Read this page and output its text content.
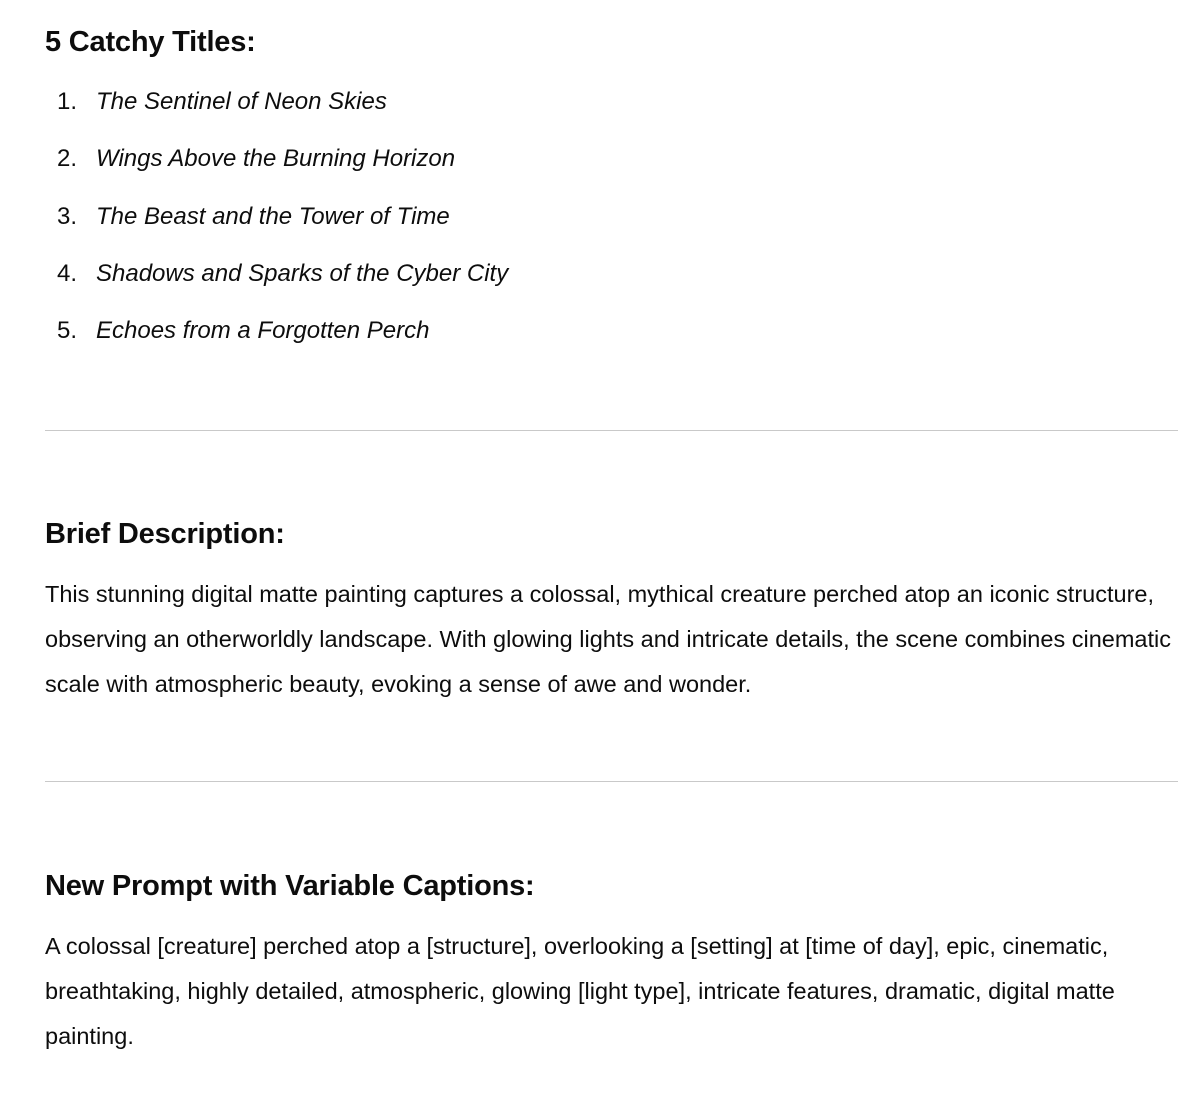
5 Catchy Titles:
1. The Sentinel of Neon Skies
2. Wings Above the Burning Horizon
3. The Beast and the Tower of Time
4. Shadows and Sparks of the Cyber City
5. Echoes from a Forgotten Perch
Brief Description:

This stunning digital matte painting captures a colossal, mythical creature perched atop an iconic structure, observing an otherworldly landscape. With glowing lights and intricate details, the scene combines cinematic scale with atmospheric beauty, evoking a sense of awe and wonder.

New Prompt with Variable Captions:

A colossal [creature] perched atop a [structure], overlooking a [setting] at [time of day], epic, cinematic, breathtaking, highly detailed, atmospheric, glowing [light type], intricate features, dramatic, digital matte painting.
